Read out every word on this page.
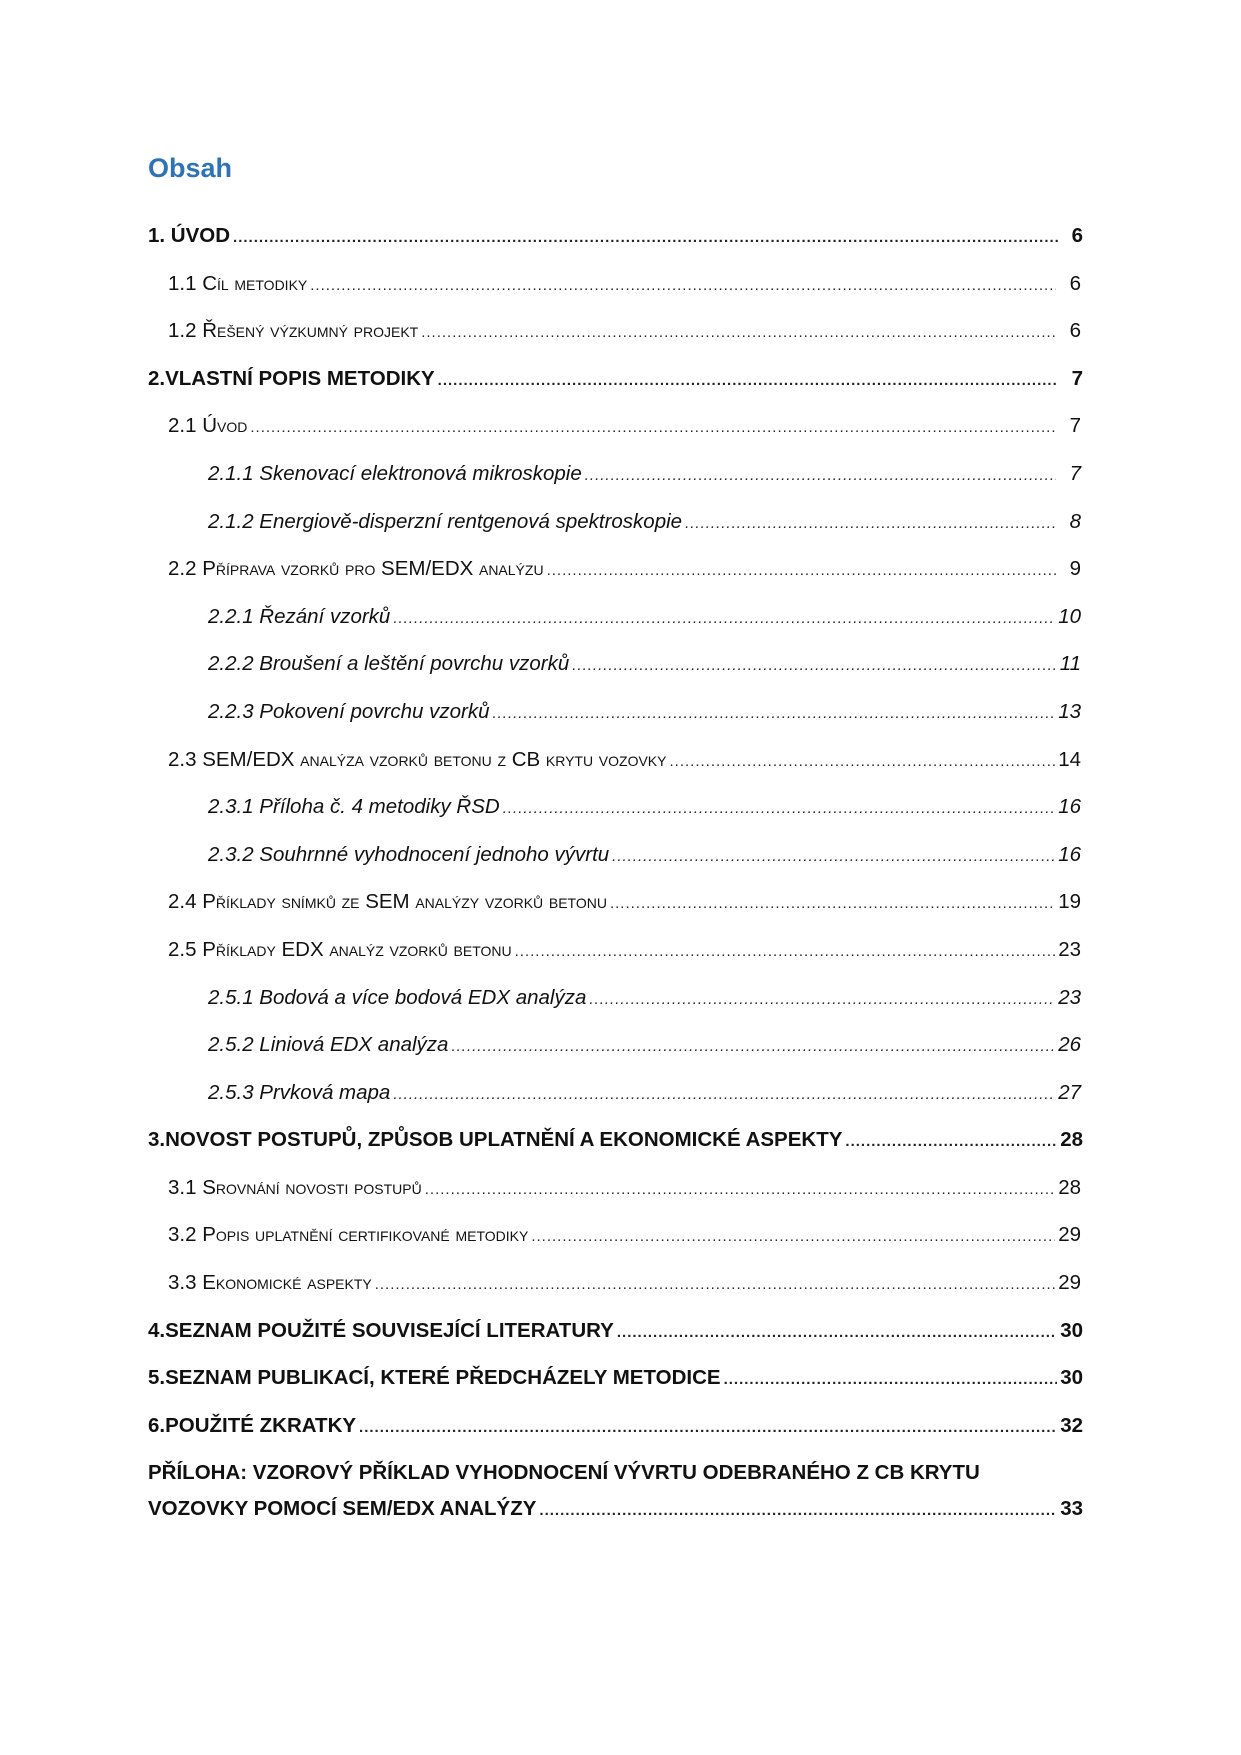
Obsah
1. ÚVOD .....	6
1.1 Cíl metodiky .....	6
1.2 Řešený výzkumný projekt .....	6
2.VLASTNÍ POPIS METODIKY .....	7
2.1 Úvod .....	7
2.1.1 Skenovací elektronová mikroskopie .....	7
2.1.2 Energiově-disperzní rentgenová spektroskopie .....	8
2.2 Příprava vzorků pro SEM/EDX analýzu .....	9
2.2.1 Řezání vzorků .....	10
2.2.2 Broušení a leštění povrchu vzorků .....	11
2.2.3 Pokovení povrchu vzorků .....	13
2.3 SEM/EDX analýza vzorků betonu z CB krytu vozovky .....	14
2.3.1 Příloha č. 4 metodiky ŘSD .....	16
2.3.2 Souhrnné vyhodnocení jednoho vývrtu .....	16
2.4 Příklady snímků ze SEM analýzy vzorků betonu .....	19
2.5 Příklady EDX analýz vzorků betonu .....	23
2.5.1 Bodová a více bodová EDX analýza .....	23
2.5.2 Liniová EDX analýza .....	26
2.5.3 Prvková mapa .....	27
3.NOVOST POSTUPŮ, ZPŮSOB UPLATNĚNÍ A EKONOMICKÉ ASPEKTY .....	28
3.1 Srovnání novosti postupů .....	28
3.2 Popis uplatnění certifikované metodiky .....	29
3.3 Ekonomické aspekty .....	29
4.SEZNAM POUŽITÉ SOUVISEJÍCÍ LITERATURY .....	30
5.SEZNAM PUBLIKACÍ, KTERÉ PŘEDCHÁZELY METODICE .....	30
6.POUŽITÉ ZKRATKY .....	32
PŘÍLOHA: VZOROVÝ PŘÍKLAD VYHODNOCENÍ VÝVRTU ODEBRANÉHO Z CB KRYTU
VOZOVKY POMOCÍ SEM/EDX ANALÝZY .....	33
